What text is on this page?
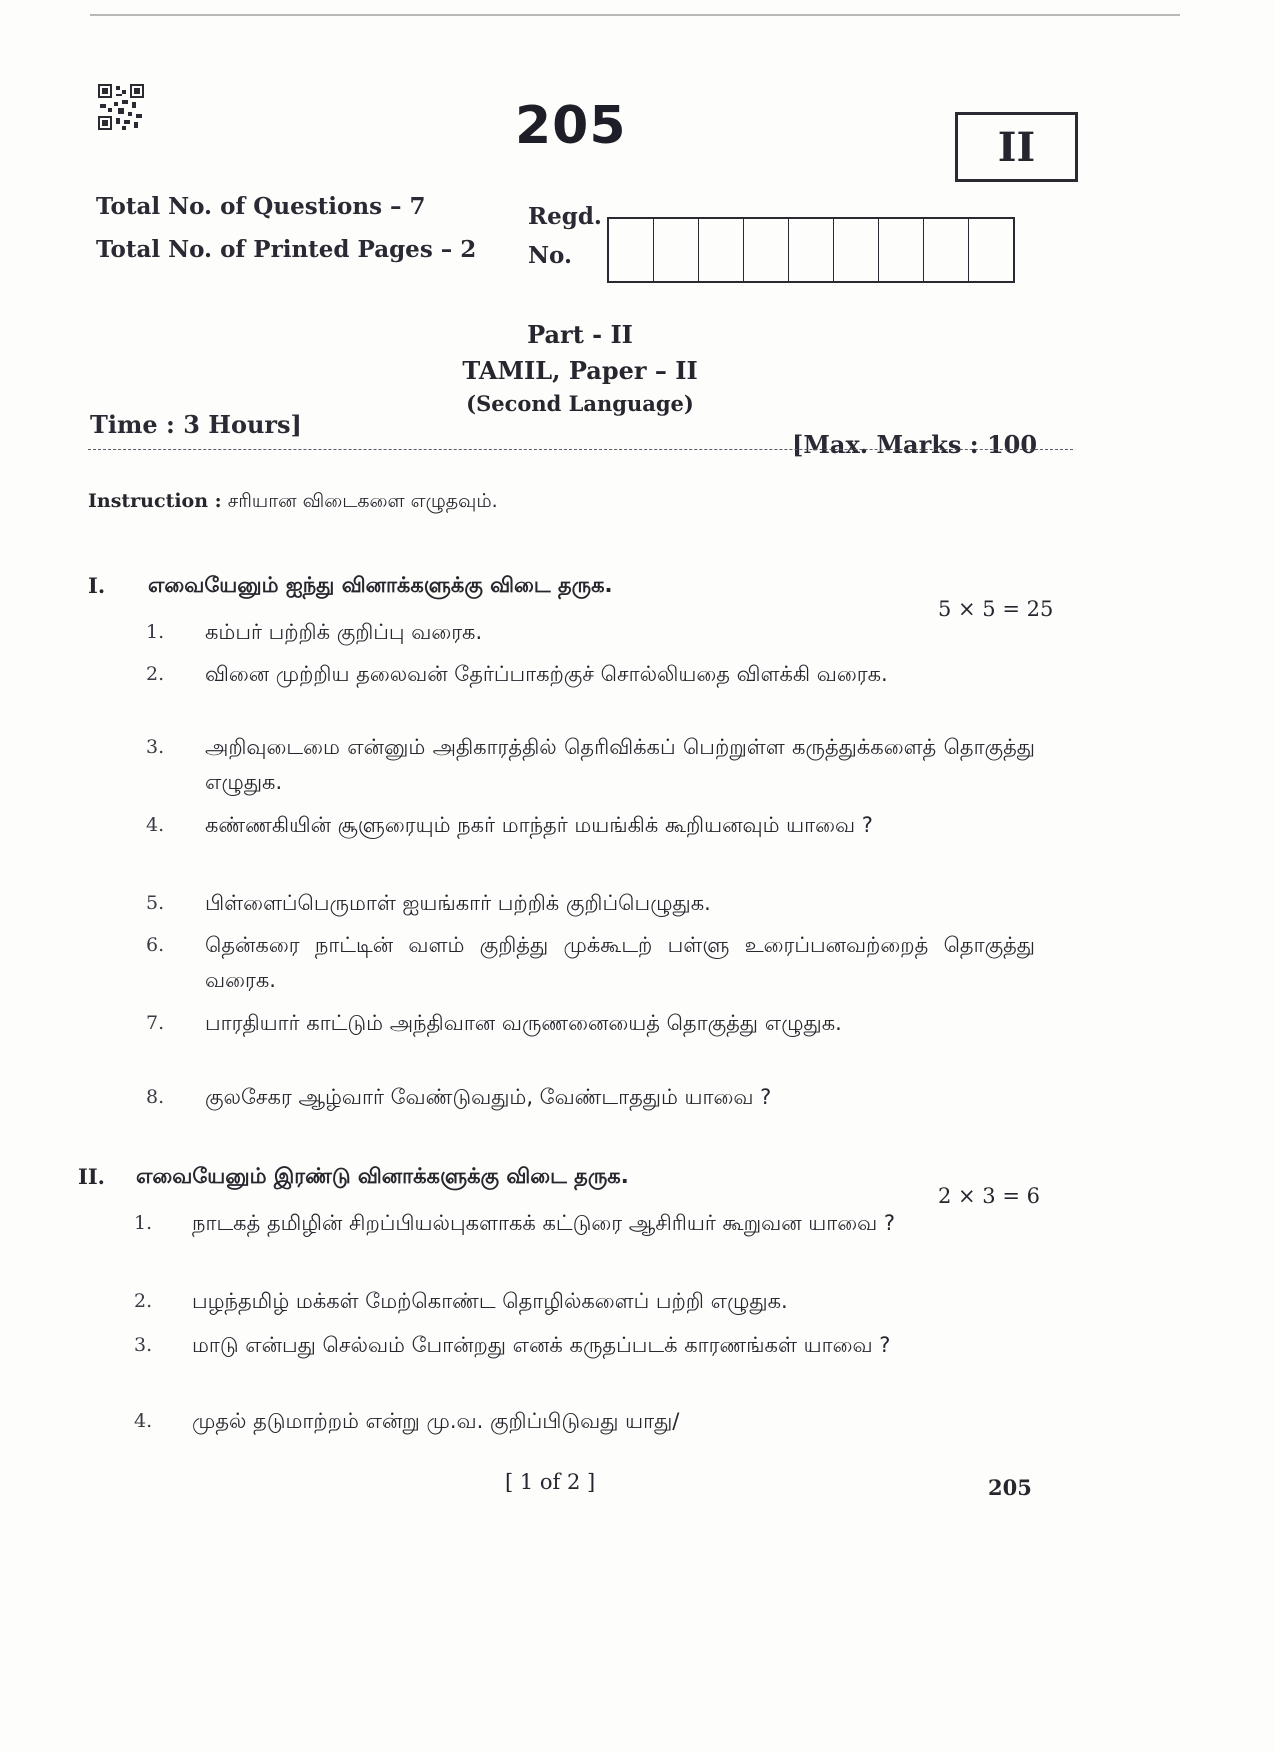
205	II
Total No. of Questions – 7
Total No. of Printed Pages – 2
Regd.
No.
Part - II
TAMIL, Paper – II
(Second Language)
Time : 3 Hours]
[Max. Marks : 100
Instruction : சரியான விடைகளை எழுதவும்.
I. எவையேனும் ஐந்து வினாக்களுக்கு விடை தருக.
5 × 5 = 25
1. கம்பர் பற்றிக் குறிப்பு வரைக.
2. வினை முற்றிய தலைவன் தேர்ப்பாகற்குச் சொல்லியதை விளக்கி வரைக.
3. அறிவுடைமை என்னும் அதிகாரத்தில் தெரிவிக்கப் பெற்றுள்ள கருத்துக்களைத் தொகுத்து எழுதுக.
4. கண்ணகியின் சூளுரையும் நகர் மாந்தர் மயங்கிக் கூறியனவும் யாவை ?
5. பிள்ளைப்பெருமாள் ஐயங்கார் பற்றிக் குறிப்பெழுதுக.
6. தென்கரை நாட்டின் வளம் குறித்து முக்கூடற் பள்ளு உரைப்பனவற்றைத் தொகுத்து வரைக.
7. பாரதியார் காட்டும் அந்திவான வருணனையைத் தொகுத்து எழுதுக.
8. குலசேகர ஆழ்வார் வேண்டுவதும், வேண்டாததும் யாவை ?
II. எவையேனும் இரண்டு வினாக்களுக்கு விடை தருக.
2 × 3 = 6
1. நாடகத் தமிழின் சிறப்பியல்புகளாகக் கட்டுரை ஆசிரியர் கூறுவன யாவை ?
2. பழந்தமிழ் மக்கள் மேற்கொண்ட தொழில்களைப் பற்றி எழுதுக.
3. மாடு என்பது செல்வம் போன்றது எனக் கருதப்படக் காரணங்கள் யாவை ?
4. முதல் தடுமாற்றம் என்று மு.வ. குறிப்பிடுவது யாது/
[ 1 of 2 ]	205
